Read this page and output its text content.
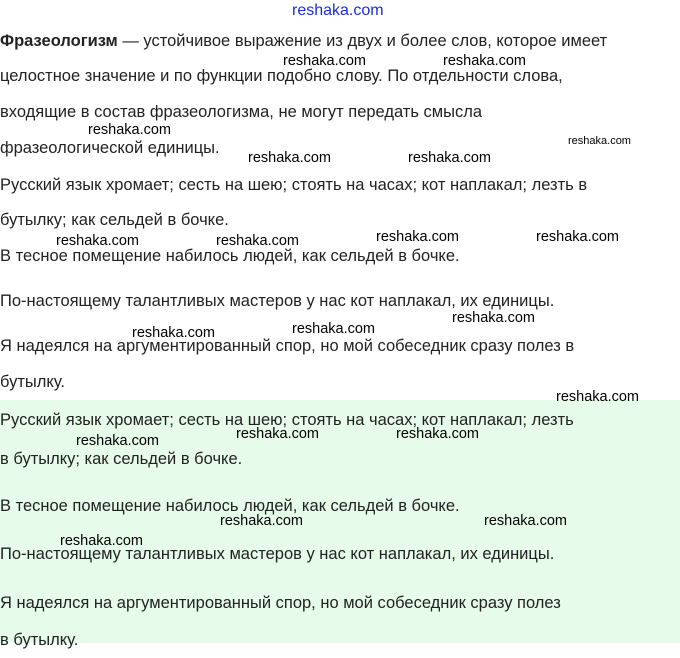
reshaka.com

Фразеологизм — устойчивое выражение из двух и более слов, которое имеет

целостное значение и по функции подобно слову. По отдельности слова,

входящие в состав фразеологизма, не могут передать смысла

фразеологической единицы.

Русский язык хромает; сесть на шею; стоять на часах; кот наплакал; лезть в

бутылку; как сельдей в бочке.

В тесное помещение набилось людей, как сельдей в бочке.

По-настоящему талантливых мастеров у нас кот наплакал, их единицы.

Я надеялся на аргументированный спор, но мой собеседник сразу полез в

бутылку.

Русский язык хромает; сесть на шею; стоять на часах; кот наплакал; лезть

в бутылку; как сельдей в бочке.

В тесное помещение набилось людей, как сельдей в бочке.

По-настоящему талантливых мастеров у нас кот наплакал, их единицы.

Я надеялся на аргументированный спор, но мой собеседник сразу полез

в бутылку.

reshaka.com	reshaka.com
reshaka.com
reshaka.com
reshaka.com	reshaka.com
reshaka.com	reshaka.com	reshaka.com	reshaka.com
reshaka.com
reshaka.com
reshaka.com
reshaka.com
reshaka.com	reshaka.com
reshaka.com
reshaka.com	reshaka.com
reshaka.com
